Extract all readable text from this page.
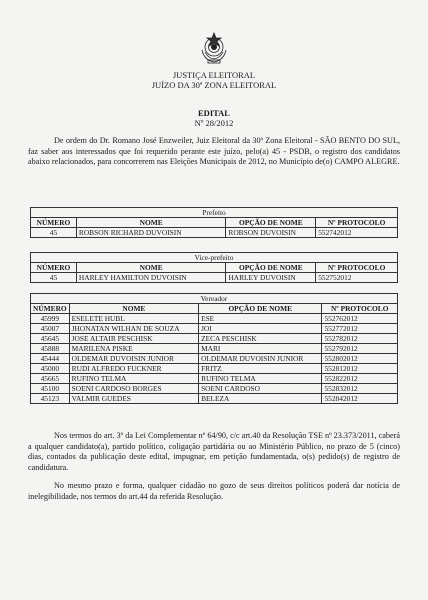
JUSTIÇA ELEITORAL
JUÍZO DA 30ª ZONA ELEITORAL
EDITAL
Nº 28/2012
De ordem do Dr. Romano José Enzweiler, Juiz Eleitoral da 30ª Zona Eleitoral - SÃO BENTO DO SUL, faz saber aos interessados que foi requerido perante este juízo, pelo(a) 45 - PSDB, o registro dos candidatos abaixo relacionados, para concorrerem nas Eleições Municipais de 2012, no Município de(o) CAMPO ALEGRE.
Prefeito			
NÚMERO	NOME	OPÇÃO DE NOME	Nº PROTOCOLO
45	ROBSON RICHARD DUVOISIN	ROBSON DUVOISIN	552742012
Vice-prefeito			
NÚMERO	NOME	OPÇÃO DE NOME	Nº PROTOCOLO
45	HARLEY HAMILTON DUVOISIN	HARLEY DUVOISIN	552752012
Vereador			
NÚMERO	NOME	OPÇÃO DE NOME	Nº PROTOCOLO
45999	ESELETE HUBL	ESE	552762012
45007	JHONATAN WILHAN DE SOUZA	JOI	552772012
45645	JOSE ALTAIR PESCHISK	ZECA PESCHISK	552782012
45888	MARILENA PISKE	MARI	552792012
45444	OLDEMAR DUVOISIN JUNIOR	OLDEMAR DUVOISIN JUNIOR	552802012
45000	RUDI ALFREDO FUCKNER	FRITZ	552812012
45665	RUFINO TELMA	RUFINO TELMA	552822012
45100	SOENI CARDOSO BORGES	SOENI CARDOSO	552832012
45123	VALMIR GUEDES	BELEZA	552842012
Nos termos do art. 3º da Lei Complementar nº 64/90, c/c art.40 da Resolução TSE nº 23.373/2011, caberá a qualquer candidato(a), partido político, coligação partidária ou ao Ministério Público, no prazo de 5 (cinco) dias, contados da publicação deste edital, impugnar, em petição fundamentada, o(s) pedido(s) de registro de candidatura.
No mesmo prazo e forma, qualquer cidadão no gozo de seus direitos políticos poderá dar notícia de inelegibilidade, nos termos do art.44 da referida Resolução.
